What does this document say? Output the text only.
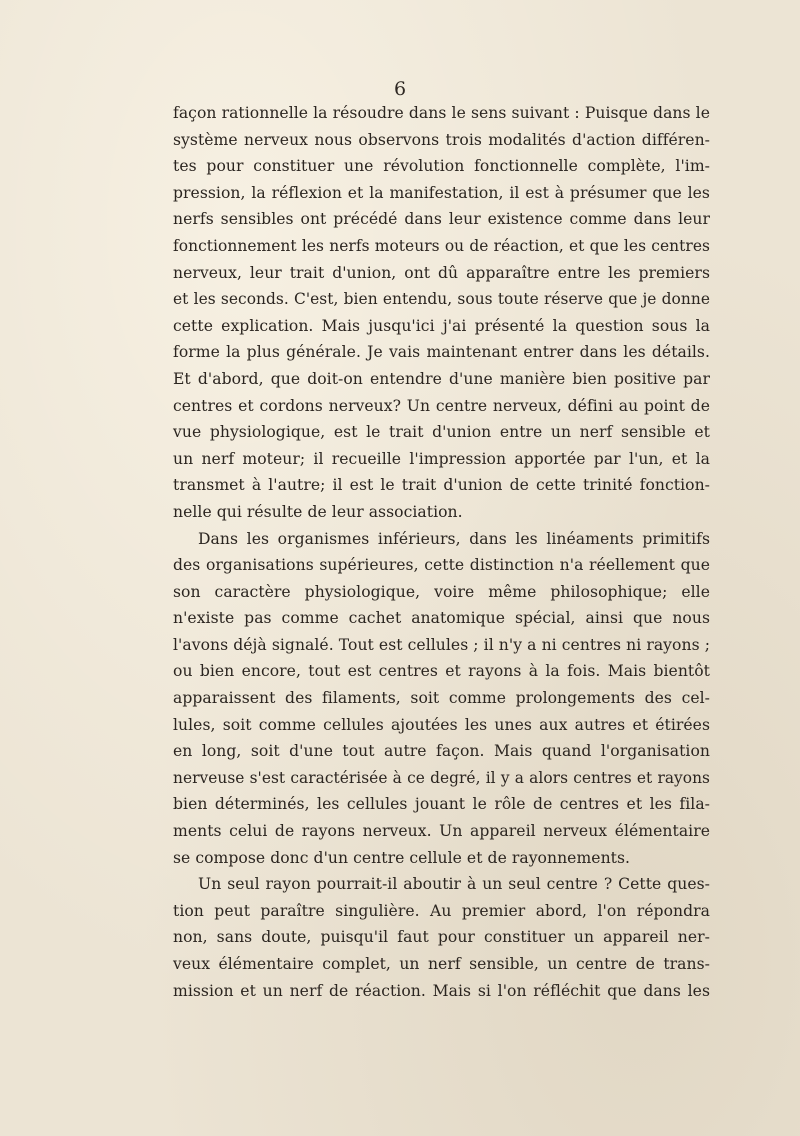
6
façon rationnelle la résoudre dans le sens suivant : Puisque dans le
système nerveux nous observons trois modalités d'action différen-
tes pour constituer une révolution fonctionnelle complète, l'im-
pression, la réflexion et la manifestation, il est à présumer que les
nerfs sensibles ont précédé dans leur existence comme dans leur
fonctionnement les nerfs moteurs ou de réaction, et que les centres
nerveux, leur trait d'union, ont dû apparaître entre les premiers
et les seconds. C'est, bien entendu, sous toute réserve que je donne
cette explication. Mais jusqu'ici j'ai présenté la question sous la
forme la plus générale. Je vais maintenant entrer dans les détails.
Et d'abord, que doit-on entendre d'une manière bien positive par
centres et cordons nerveux? Un centre nerveux, défini au point de
vue physiologique, est le trait d'union entre un nerf sensible et
un nerf moteur; il recueille l'impression apportée par l'un, et la
transmet à l'autre; il est le trait d'union de cette trinité fonction-
nelle qui résulte de leur association.
Dans les organismes inférieurs, dans les linéaments primitifs
des organisations supérieures, cette distinction n'a réellement que
son caractère physiologique, voire même philosophique; elle
n'existe pas comme cachet anatomique spécial, ainsi que nous
l'avons déjà signalé. Tout est cellules ; il n'y a ni centres ni rayons ;
ou bien encore, tout est centres et rayons à la fois. Mais bientôt
apparaissent des filaments, soit comme prolongements des cel-
lules, soit comme cellules ajoutées les unes aux autres et étirées
en long, soit d'une tout autre façon. Mais quand l'organisation
nerveuse s'est caractérisée à ce degré, il y a alors centres et rayons
bien déterminés, les cellules jouant le rôle de centres et les fila-
ments celui de rayons nerveux. Un appareil nerveux élémentaire
se compose donc d'un centre cellule et de rayonnements.
Un seul rayon pourrait-il aboutir à un seul centre ? Cette ques-
tion peut paraître singulière. Au premier abord, l'on répondra
non, sans doute, puisqu'il faut pour constituer un appareil ner-
veux élémentaire complet, un nerf sensible, un centre de trans-
mission et un nerf de réaction. Mais si l'on réfléchit que dans les
